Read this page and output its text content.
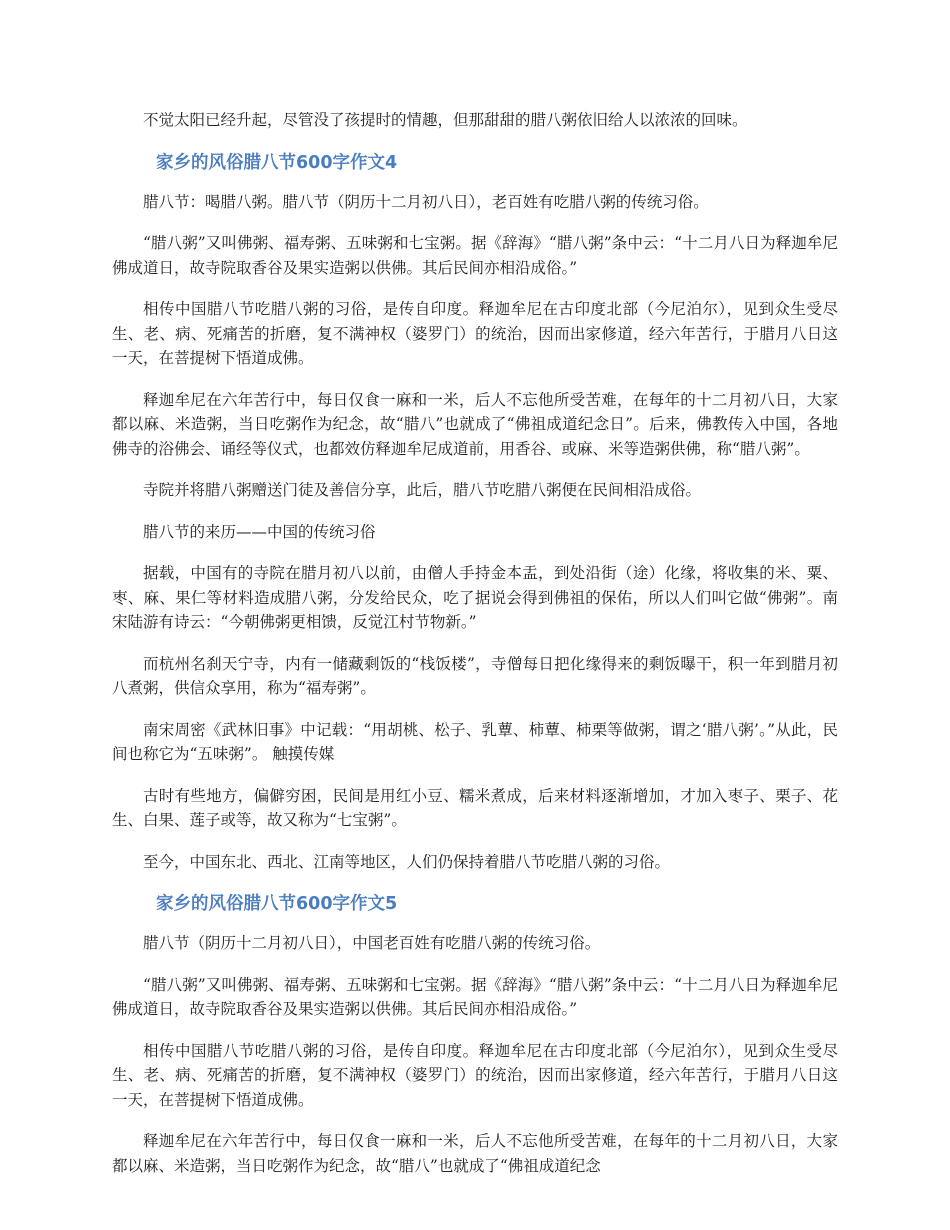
不觉太阳已经升起，尽管没了孩提时的情趣，但那甜甜的腊八粥依旧给人以浓浓的回味。

家乡的风俗腊八节600字作文4

腊八节：喝腊八粥。腊八节（阴历十二月初八日），老百姓有吃腊八粥的传统习俗。

“腊八粥”又叫佛粥、福寿粥、五味粥和七宝粥。据《辞海》“腊八粥”条中云：“十二月八日为释迦牟尼佛成道日，故寺院取香谷及果实造粥以供佛。其后民间亦相沿成俗。”

相传中国腊八节吃腊八粥的习俗，是传自印度。释迦牟尼在古印度北部（今尼泊尔），见到众生受尽生、老、病、死痛苦的折磨，复不满神权（婆罗门）的统治，因而出家修道，经六年苦行，于腊月八日这一天，在菩提树下悟道成佛。

释迦牟尼在六年苦行中，每日仅食一麻和一米，后人不忘他所受苦难，在每年的十二月初八日，大家都以麻、米造粥，当日吃粥作为纪念，故“腊八”也就成了“佛祖成道纪念日”。后来，佛教传入中国，各地佛寺的浴佛会、诵经等仪式，也都效仿释迦牟尼成道前，用香谷、或麻、米等造粥供佛，称“腊八粥”。

寺院并将腊八粥赠送门徒及善信分享，此后，腊八节吃腊八粥便在民间相沿成俗。

腊八节的来历——中国的传统习俗

据载，中国有的寺院在腊月初八以前，由僧人手持金本盂，到处沿街（途）化缘，将收集的米、粟、枣、麻、果仁等材料造成腊八粥，分发给民众，吃了据说会得到佛祖的保佑，所以人们叫它做“佛粥”。南宋陆游有诗云：“今朝佛粥更相馈，反觉江村节物新。”

而杭州名刹天宁寺，内有一储藏剩饭的“栈饭楼”，寺僧每日把化缘得来的剩饭曝干，积一年到腊月初八煮粥，供信众享用，称为“福寿粥”。

南宋周密《武林旧事》中记载：“用胡桃、松子、乳蕈、柿蕈、柿栗等做粥，谓之‘腊八粥’。”从此，民间也称它为“五味粥”。 触摸传媒

古时有些地方，偏僻穷困，民间是用红小豆、糯米煮成，后来材料逐渐增加，才加入枣子、栗子、花生、白果、莲子或等，故又称为“七宝粥”。

至今，中国东北、西北、江南等地区，人们仍保持着腊八节吃腊八粥的习俗。

家乡的风俗腊八节600字作文5

腊八节（阴历十二月初八日），中国老百姓有吃腊八粥的传统习俗。

“腊八粥”又叫佛粥、福寿粥、五味粥和七宝粥。据《辞海》“腊八粥”条中云：“十二月八日为释迦牟尼佛成道日，故寺院取香谷及果实造粥以供佛。其后民间亦相沿成俗。”

相传中国腊八节吃腊八粥的习俗，是传自印度。释迦牟尼在古印度北部（今尼泊尔），见到众生受尽生、老、病、死痛苦的折磨，复不满神权（婆罗门）的统治，因而出家修道，经六年苦行，于腊月八日这一天，在菩提树下悟道成佛。

释迦牟尼在六年苦行中，每日仅食一麻和一米，后人不忘他所受苦难，在每年的十二月初八日，大家都以麻、米造粥，当日吃粥作为纪念，故“腊八”也就成了“佛祖成道纪念
